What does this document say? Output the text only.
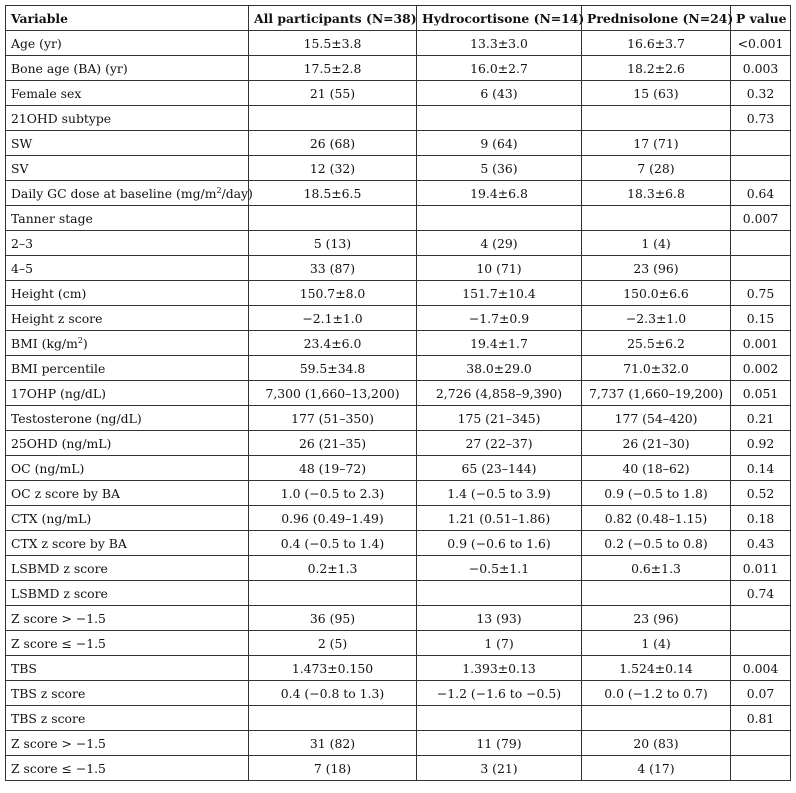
Variable	All participants (N=38)	Hydrocortisone (N=14)	Prednisolone (N=24)	P value
Age (yr)	15.5±3.8	13.3±3.0	16.6±3.7	<0.001
Bone age (BA) (yr)	17.5±2.8	16.0±2.7	18.2±2.6	0.003
Female sex	21 (55)	6 (43)	15 (63)	0.32
21OHD subtype				0.73
SW	26 (68)	9 (64)	17 (71)	
SV	12 (32)	5 (36)	7 (28)	
Daily GC dose at baseline $(mg/m^2/day)$	18.5±6.5	19.4±6.8	18.3±6.8	0.64
Tanner stage				0.007
2–3	5 (13)	4 (29)	1 (4)	
4–5	33 (87)	10 (71)	23 (96)	
Height (cm)	150.7±8.0	151.7±10.4	150.0±6.6	0.75
Height z score	−2.1±1.0	−1.7±0.9	−2.3±1.0	0.15
BMI $(kg/m^2)$	23.4±6.0	19.4±1.7	25.5±6.2	0.001
BMI percentile	59.5±34.8	38.0±29.0	71.0±32.0	0.002
17OHP (ng/dL)	7,300 (1,660–13,200)	2,726 (4,858–9,390)	7,737 (1,660–19,200)	0.051
Testosterone (ng/dL)	177 (51–350)	175 (21–345)	177 (54–420)	0.21
25OHD (ng/mL)	26 (21–35)	27 (22–37)	26 (21–30)	0.92
OC (ng/mL)	48 (19–72)	65 (23–144)	40 (18–62)	0.14
OC z score by BA	1.0 (−0.5 to 2.3)	1.4 (−0.5 to 3.9)	0.9 (−0.5 to 1.8)	0.52
CTX (ng/mL)	0.96 (0.49–1.49)	1.21 (0.51–1.86)	0.82 (0.48–1.15)	0.18
CTX z score by BA	0.4 (−0.5 to 1.4)	0.9 (−0.6 to 1.6)	0.2 (−0.5 to 0.8)	0.43
LSBMD z score	0.2±1.3	−0.5±1.1	0.6±1.3	0.011
LSBMD z score				0.74
Z score > −1.5	36 (95)	13 (93)	23 (96)	
Z score ≤ −1.5	2 (5)	1 (7)	1 (4)	
TBS	1.473±0.150	1.393±0.13	1.524±0.14	0.004
TBS z score	0.4 (−0.8 to 1.3)	−1.2 (−1.6 to −0.5)	0.0 (−1.2 to 0.7)	0.07
TBS z score				0.81
Z score > −1.5	31 (82)	11 (79)	20 (83)	
Z score ≤ −1.5	7 (18)	3 (21)	4 (17)	
